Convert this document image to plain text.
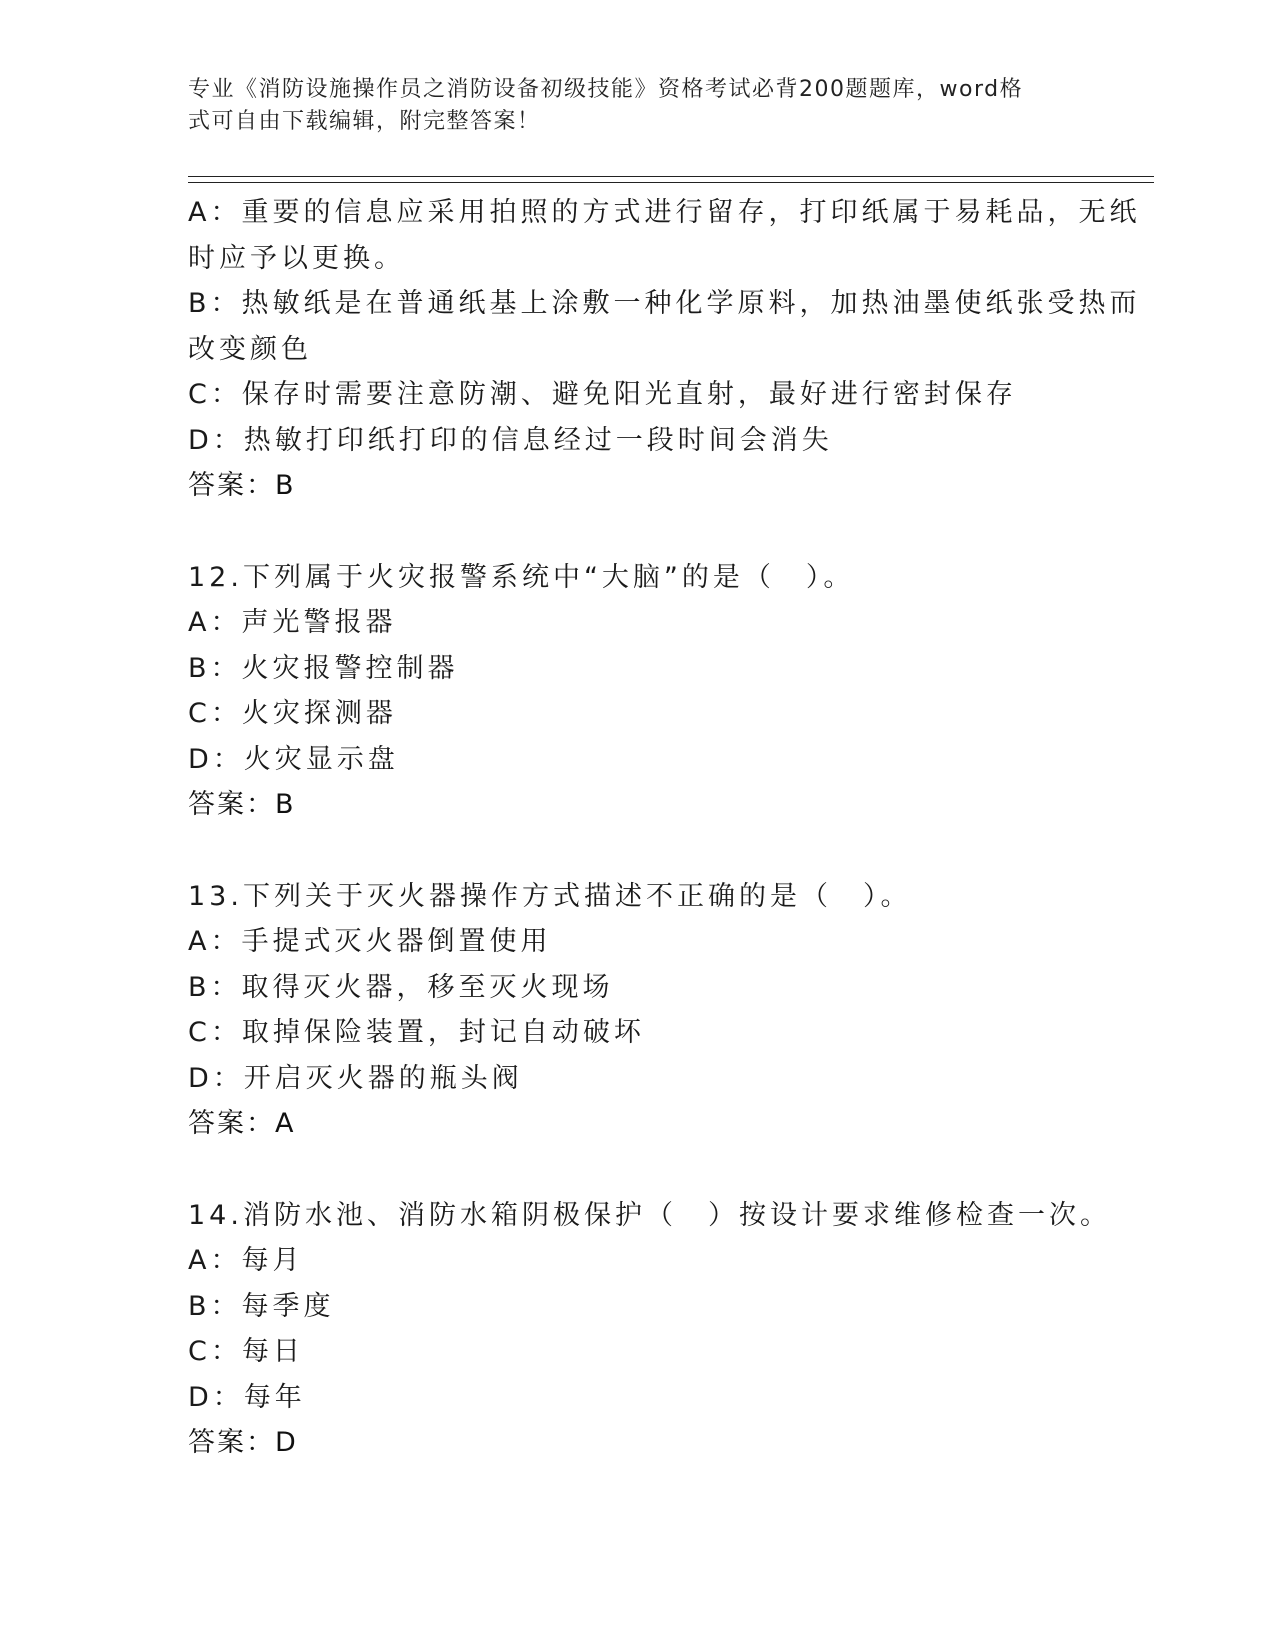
专业《消防设施操作员之消防设备初级技能》资格考试必背200题题库，word格
式可自由下载编辑，附完整答案！
A：重要的信息应采用拍照的方式进行留存，打印纸属于易耗品，无纸
时应予以更换。
B：热敏纸是在普通纸基上涂敷一种化学原料，加热油墨使纸张受热而
改变颜色
C：保存时需要注意防潮、避免阳光直射，最好进行密封保存
D：热敏打印纸打印的信息经过一段时间会消失
答案：B
12.下列属于火灾报警系统中“大脑”的是（　）。
A：声光警报器
B：火灾报警控制器
C：火灾探测器
D：火灾显示盘
答案：B
13.下列关于灭火器操作方式描述不正确的是（　）。
A：手提式灭火器倒置使用
B：取得灭火器，移至灭火现场
C：取掉保险装置，封记自动破坏
D：开启灭火器的瓶头阀
答案：A
14.消防水池、消防水箱阴极保护（　）按设计要求维修检查一次。
A：每月
B：每季度
C：每日
D：每年
答案：D
